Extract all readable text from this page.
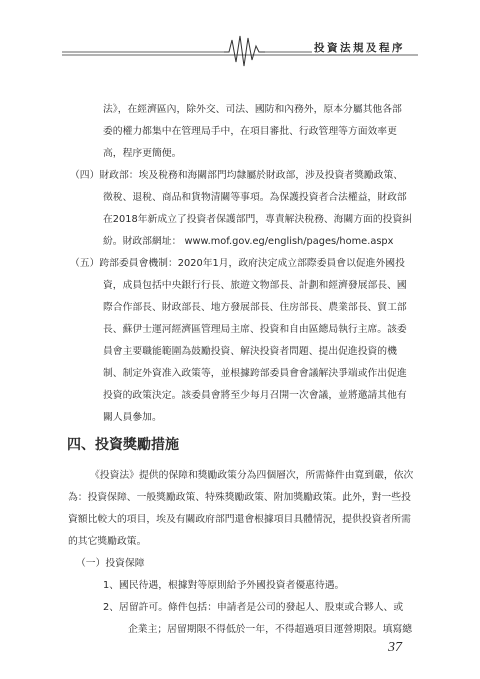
投資法規及程序
法》，在經濟區內，除外交、司法、國防和內務外，原本分屬其他各部
委的權力都集中在管理局手中，在項目審批、行政管理等方面效率更
高，程序更簡便。
（四）財政部：埃及稅務和海關部門均隸屬於財政部，涉及投資者獎勵政策、
徵稅、退稅、商品和貨物清關等事項。為保護投資者合法權益，財政部
在2018年新成立了投資者保護部門，專責解決稅務、海關方面的投資糾
紛。財政部網址： www.mof.gov.eg/english/pages/home.aspx
（五）跨部委員會機制：2020年1月，政府決定成立部際委員會以促進外國投
資，成員包括中央銀行行長、旅遊文物部長、計劃和經濟發展部長、國
際合作部長、財政部長、地方發展部長、住房部長、農業部長、貿工部
長、蘇伊士運河經濟區管理局主席、投資和自由區總局執行主席。該委
員會主要職能範圍為鼓勵投資、解決投資者問題、提出促進投資的機
制、制定外資准入政策等，並根據跨部委員會會議解決爭端或作出促進
投資的政策決定。該委員會將至少每月召開一次會議，並將邀請其他有
關人員參加。
四、投資獎勵措施
《投資法》提供的保障和獎勵政策分為四個層次，所需條件由寬到嚴，依次
為：投資保障、一般獎勵政策、特殊獎勵政策、附加獎勵政策。此外，對一些投
資額比較大的項目，埃及有關政府部門還會根據項目具體情況，提供投資者所需
的其它獎勵政策。
（一）投資保障
1、國民待遇，根據對等原則給予外國投資者優惠待遇。
2、居留許可。條件包括：申請者是公司的發起人、股東或合夥人、或
企業主；居留期限不得低於一年，不得超過項目運營期限。填寫總
37
